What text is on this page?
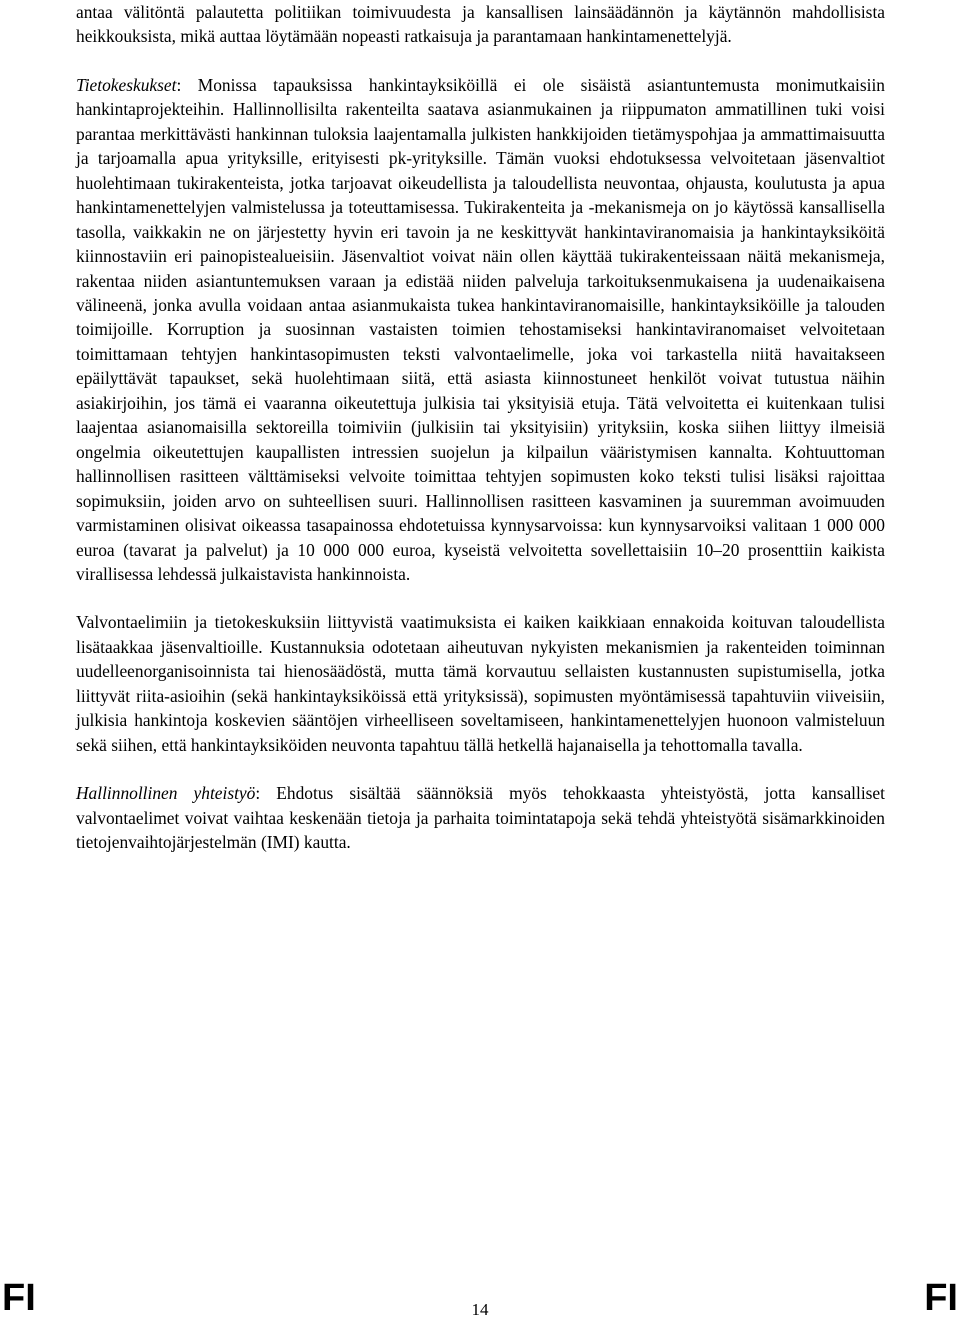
antaa välitöntä palautetta politiikan toimivuudesta ja kansallisen lainsäädännön ja käytännön mahdollisista heikkouksista, mikä auttaa löytämään nopeasti ratkaisuja ja parantamaan hankintamenettelyjä.

Tietokeskukset: Monissa tapauksissa hankintayksiköillä ei ole sisäistä asiantuntemusta monimutkaisiin hankintaprojekteihin. Hallinnollisilta rakenteilta saatava asianmukainen ja riippumaton ammatillinen tuki voisi parantaa merkittävästi hankinnan tuloksia laajentamalla julkisten hankkijoiden tietämyspohjaa ja ammattimaisuutta ja tarjoamalla apua yrityksille, erityisesti pk-yrityksille. Tämän vuoksi ehdotuksessa velvoitetaan jäsenvaltiot huolehtimaan tukirakenteista, jotka tarjoavat oikeudellista ja taloudellista neuvontaa, ohjausta, koulutusta ja apua hankintamenettelyjen valmistelussa ja toteuttamisessa. Tukirakenteita ja -mekanismeja on jo käytössä kansallisella tasolla, vaikkakin ne on järjestetty hyvin eri tavoin ja ne keskittyvät hankintaviranomaisia ja hankintayksiköitä kiinnostaviin eri painopistealueisiin. Jäsenvaltiot voivat näin ollen käyttää tukirakenteissaan näitä mekanismeja, rakentaa niiden asiantuntemuksen varaan ja edistää niiden palveluja tarkoituksenmukaisena ja uudenaikaisena välineenä, jonka avulla voidaan antaa asianmukaista tukea hankintaviranomaisille, hankintayksiköille ja talouden toimijoille. Korruption ja suosinnan vastaisten toimien tehostamiseksi hankintaviranomaiset velvoitetaan toimittamaan tehtyjen hankintasopimusten teksti valvontaelimelle, joka voi tarkastella niitä havaitakseen epäilyttävät tapaukset, sekä huolehtimaan siitä, että asiasta kiinnostuneet henkilöt voivat tutustua näihin asiakirjoihin, jos tämä ei vaaranna oikeutettuja julkisia tai yksityisiä etuja. Tätä velvoitetta ei kuitenkaan tulisi laajentaa asianomaisilla sektoreilla toimiviin (julkisiin tai yksityisiin) yrityksiin, koska siihen liittyy ilmeisiä ongelmia oikeutettujen kaupallisten intressien suojelun ja kilpailun vääristymisen kannalta. Kohtuuttoman hallinnollisen rasitteen välttämiseksi velvoite toimittaa tehtyjen sopimusten koko teksti tulisi lisäksi rajoittaa sopimuksiin, joiden arvo on suhteellisen suuri. Hallinnollisen rasitteen kasvaminen ja suuremman avoimuuden varmistaminen olisivat oikeassa tasapainossa ehdotetuissa kynnysarvoissa: kun kynnysarvoiksi valitaan 1 000 000 euroa (tavarat ja palvelut) ja 10 000 000 euroa, kyseistä velvoitetta sovellettaisiin 10–20 prosenttiin kaikista virallisessa lehdessä julkaistavista hankinnoista.

Valvontaelimiin ja tietokeskuksiin liittyvistä vaatimuksista ei kaiken kaikkiaan ennakoida koituvan taloudellista lisätaakkaa jäsenvaltioille. Kustannuksia odotetaan aiheutuvan nykyisten mekanismien ja rakenteiden toiminnan uudelleenorganisoinnista tai hienosäädöstä, mutta tämä korvautuu sellaisten kustannusten supistumisella, jotka liittyvät riita-asioihin (sekä hankintayksiköissä että yrityksissä), sopimusten myöntämisessä tapahtuviin viiveisiin, julkisia hankintoja koskevien sääntöjen virheelliseen soveltamiseen, hankintamenettelyjen huonoon valmisteluun sekä siihen, että hankintayksiköiden neuvonta tapahtuu tällä hetkellä hajanaisella ja tehottomalla tavalla.

Hallinnollinen yhteistyö: Ehdotus sisältää säännöksiä myös tehokkaasta yhteistyöstä, jotta kansalliset valvontaelimet voivat vaihtaa keskenään tietoja ja parhaita toimintatapoja sekä tehdä yhteistyötä sisämarkkinoiden tietojenvaihtojärjestelmän (IMI) kautta.

FI	14	FI
